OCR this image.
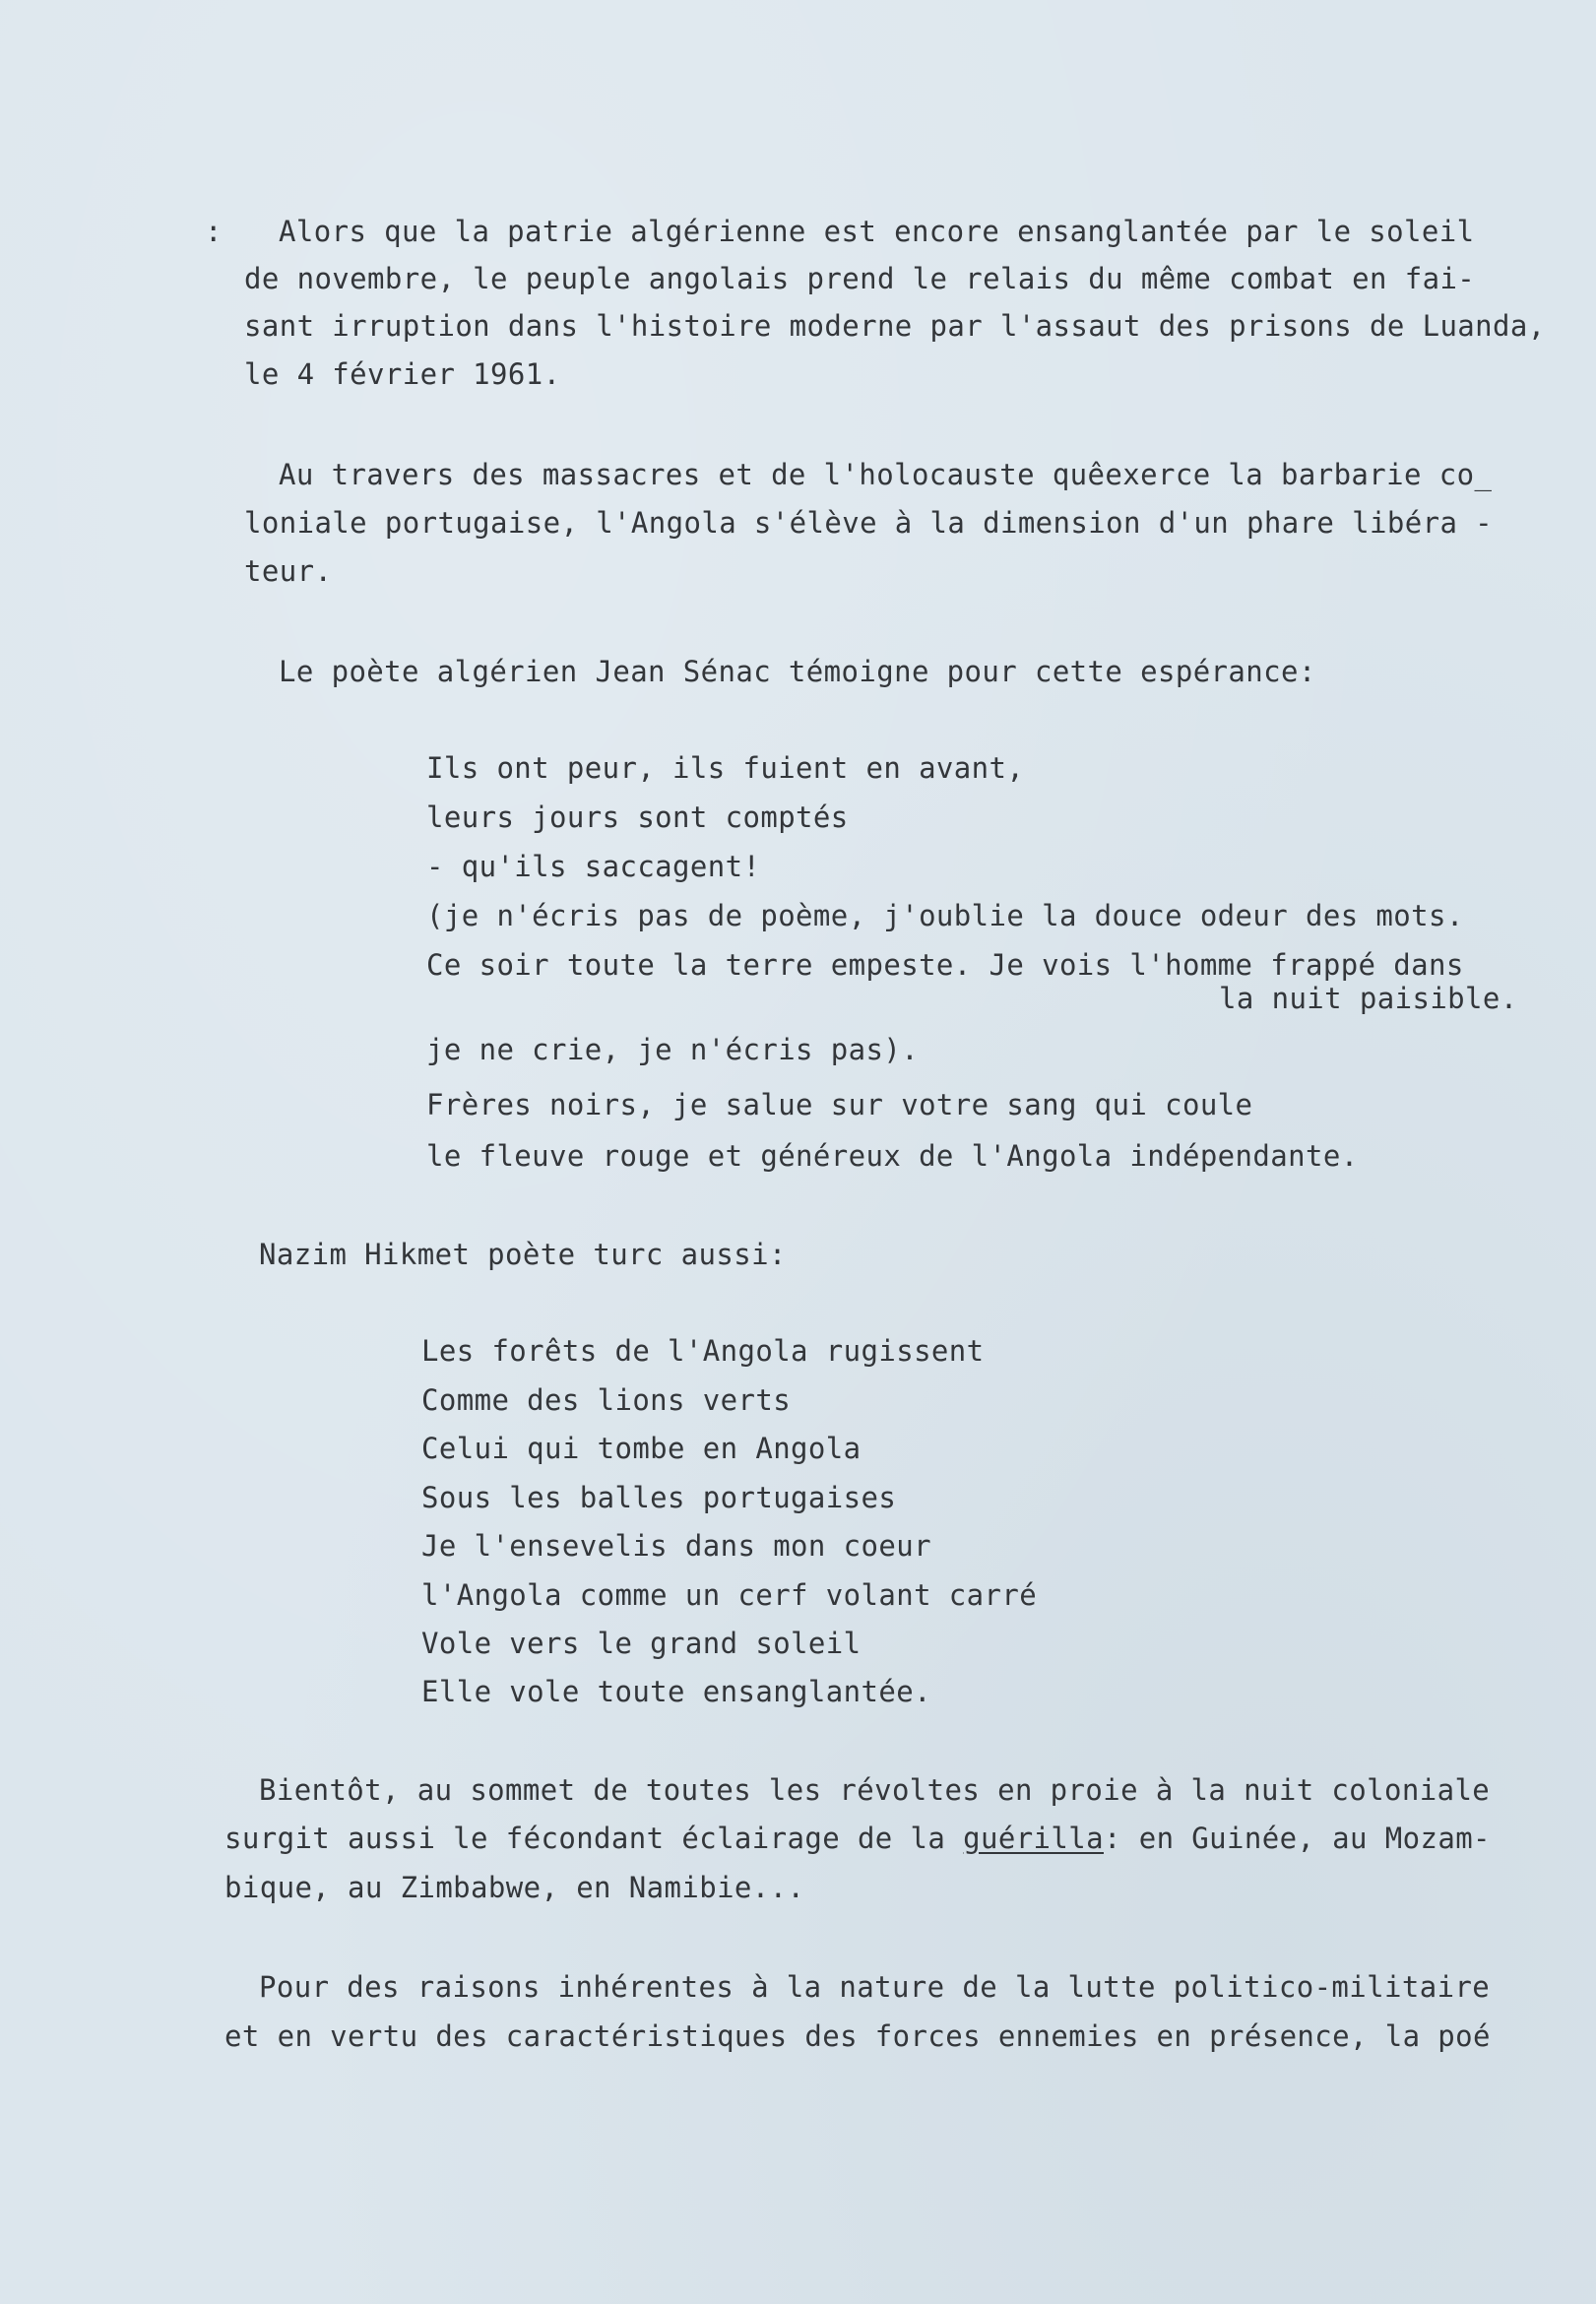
: Alors que la patrie algérienne est encore ensanglantée par le soleil
de novembre, le peuple angolais prend le relais du même combat en fai-
sant irruption dans l'histoire moderne par l'assaut des prisons de Luanda,
le 4 février 1961.
Au travers des massacres et de l'holocauste quêexerce la barbarie co_
loniale portugaise, l'Angola s'élève à la dimension d'un phare libéra -
teur.
Le poète algérien Jean Sénac témoigne pour cette espérance:
Ils ont peur, ils fuient en avant,
leurs jours sont comptés
- qu'ils saccagent!
(je n'écris pas de poème, j'oublie la douce odeur des mots.
Ce soir toute la terre empeste. Je vois l'homme frappé dans
la nuit paisible.
je ne crie, je n'écris pas).
Frères noirs, je salue sur votre sang qui coule
le fleuve rouge et généreux de l'Angola indépendante.
Nazim Hikmet poète turc aussi:
Les forêts de l'Angola rugissent
Comme des lions verts
Celui qui tombe en Angola
Sous les balles portugaises
Je l'ensevelis dans mon coeur
l'Angola comme un cerf volant carré
Vole vers le grand soleil
Elle vole toute ensanglantée.
Bientôt, au sommet de toutes les révoltes en proie à la nuit coloniale
surgit aussi le fécondant éclairage de la guérilla: en Guinée, au Mozam-
bique, au Zimbabwe, en Namibie...
Pour des raisons inhérentes à la nature de la lutte politico-militaire
et en vertu des caractéristiques des forces ennemies en présence, la poé
